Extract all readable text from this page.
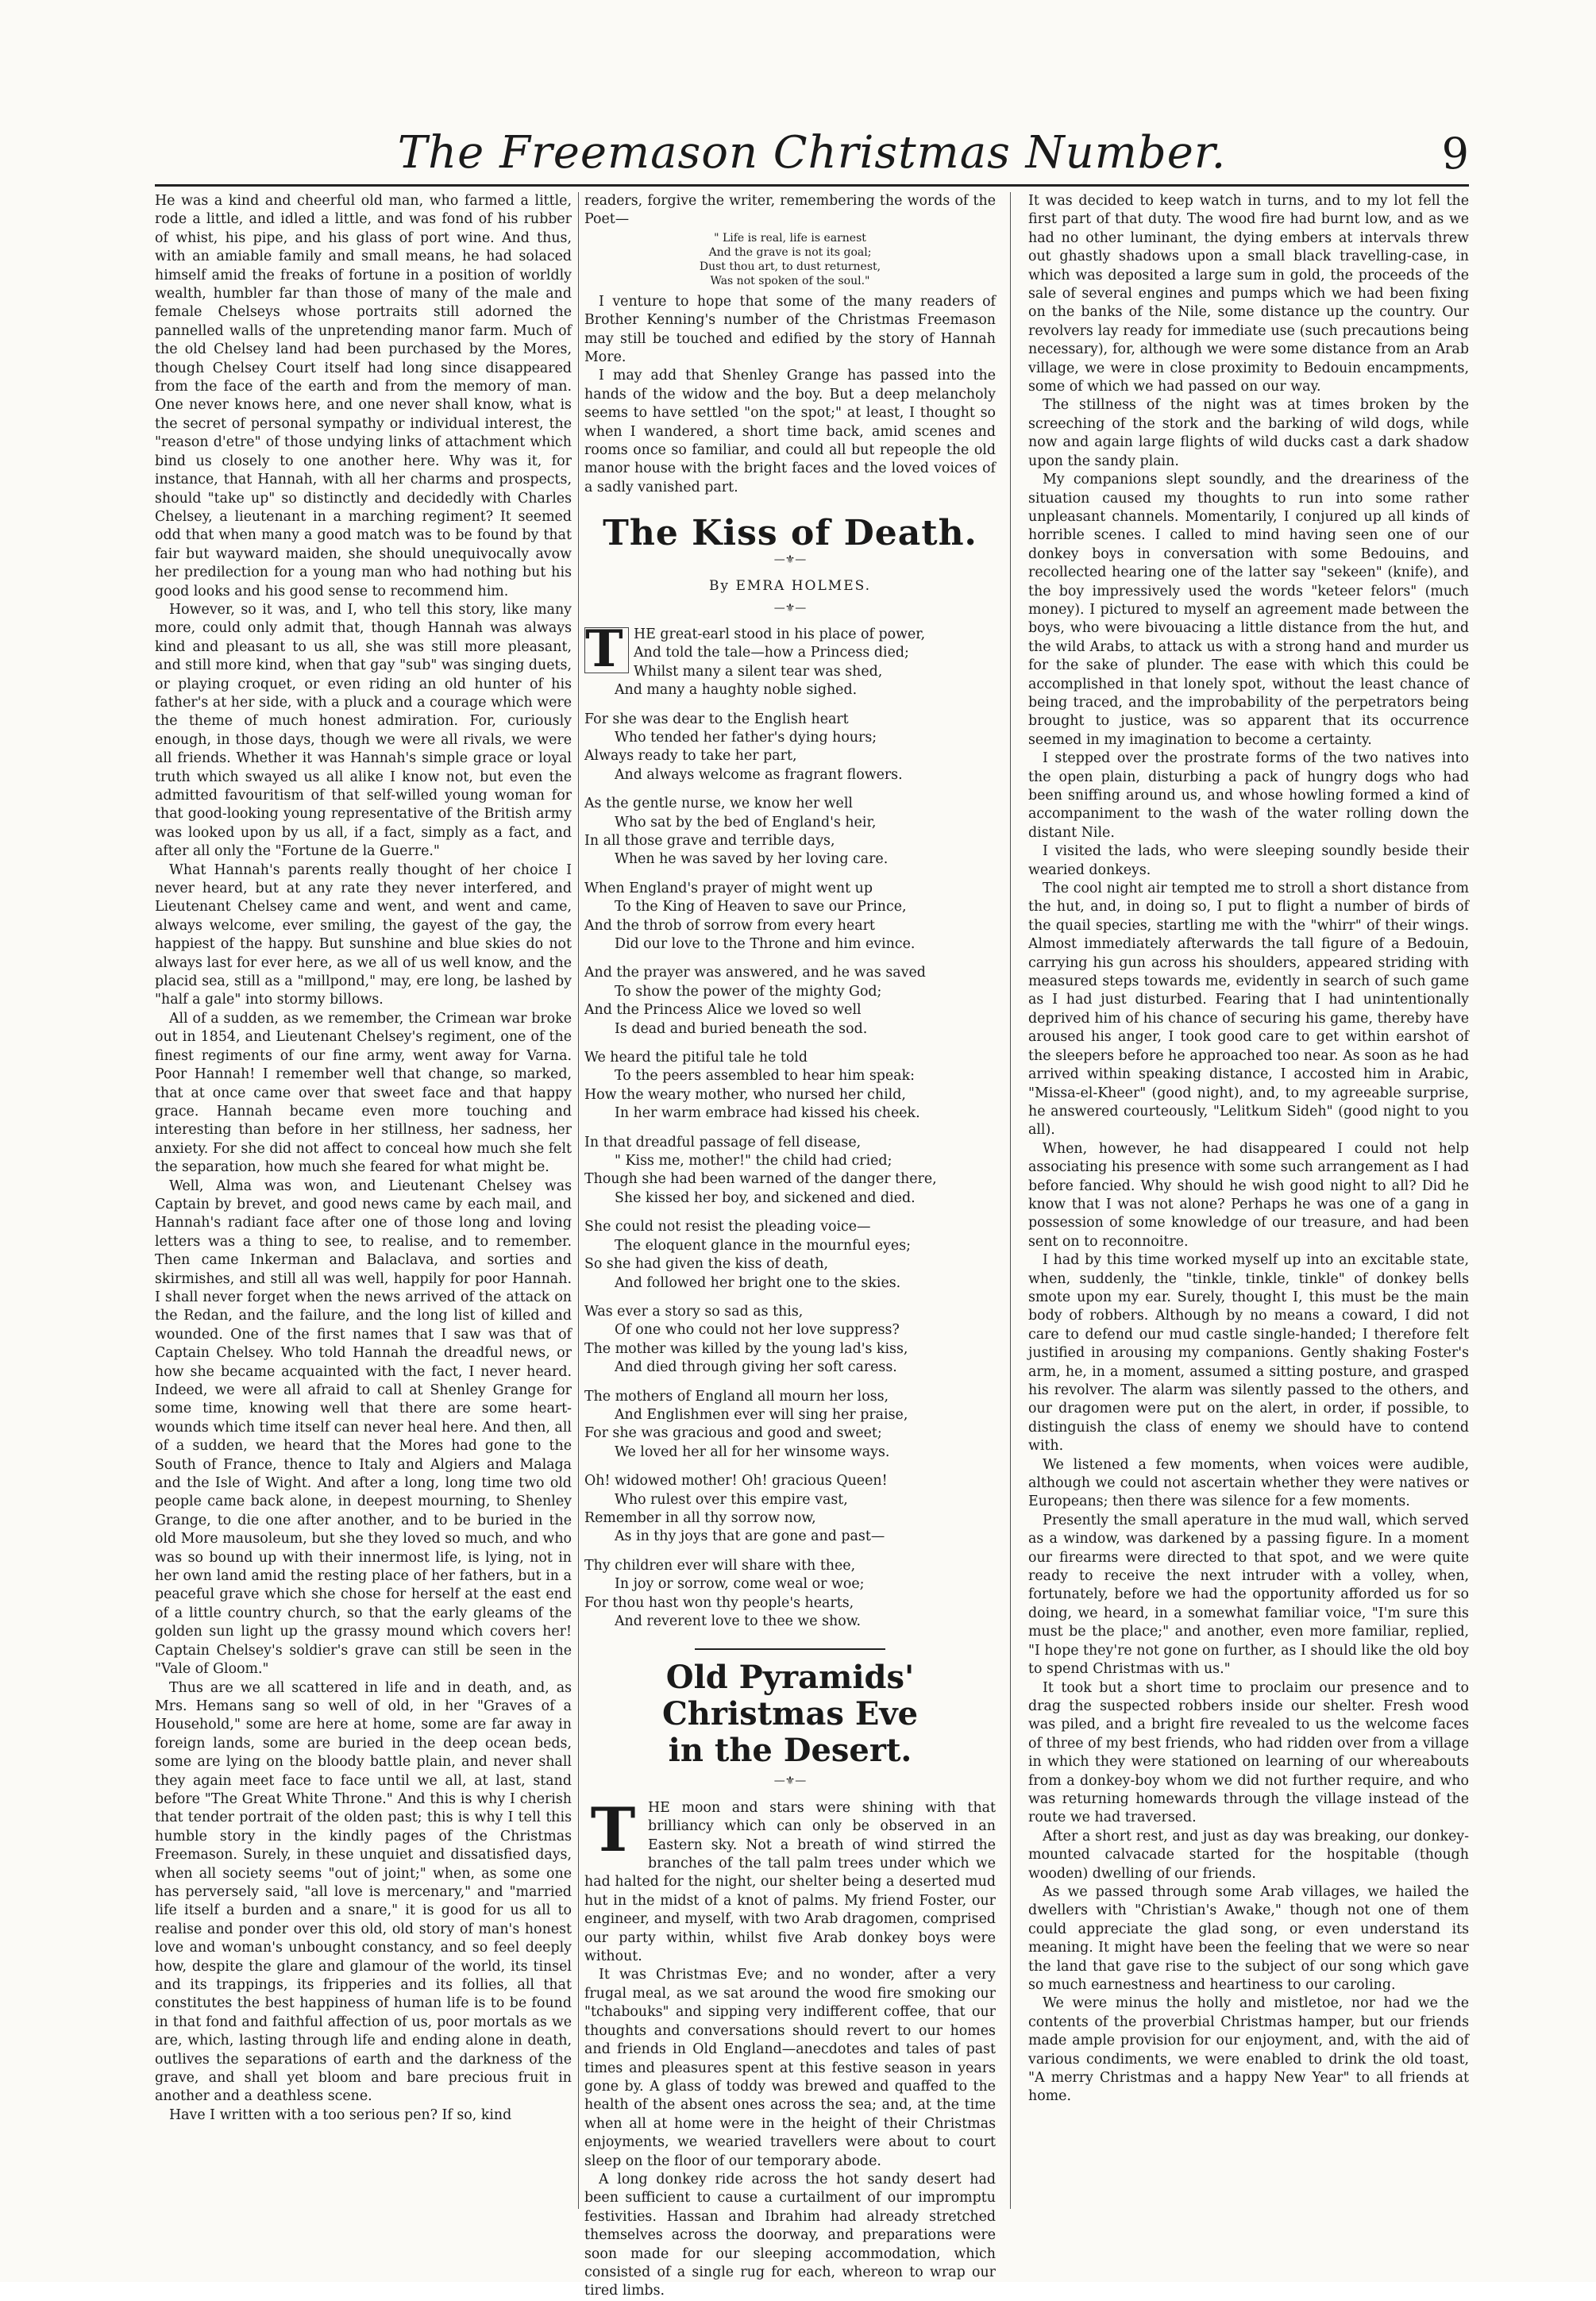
The Freemason Christmas Number.	9

He was a kind and cheerful old man, who farmed a little, rode a little, and idled a little, and was fond of his rubber of whist, his pipe, and his glass of port wine. And thus, with an amiable family and small means, he had solaced himself amid the freaks of fortune in a position of worldly wealth, humbler far than those of many of the male and female Chelseys whose portraits still adorned the pannelled walls of the unpretending manor farm. Much of the old Chelsey land had been purchased by the Mores, though Chelsey Court itself had long since disappeared from the face of the earth and from the memory of man. One never knows here, and one never shall know, what is the secret of personal sympathy or individual interest, the "reason d'etre" of those undying links of attachment which bind us closely to one another here. Why was it, for instance, that Hannah, with all her charms and prospects, should "take up" so distinctly and decidedly with Charles Chelsey, a lieutenant in a marching regiment? It seemed odd that when many a good match was to be found by that fair but wayward maiden, she should unequivocally avow her predilection for a young man who had nothing but his good looks and his good sense to recommend him.

However, so it was, and I, who tell this story, like many more, could only admit that, though Hannah was always kind and pleasant to us all, she was still more pleasant, and still more kind, when that gay "sub" was singing duets, or playing croquet, or even riding an old hunter of his father's at her side, with a pluck and a courage which were the theme of much honest admiration. For, curiously enough, in those days, though we were all rivals, we were all friends. Whether it was Hannah's simple grace or loyal truth which swayed us all alike I know not, but even the admitted favouritism of that self-willed young woman for that good-looking young representative of the British army was looked upon by us all, if a fact, simply as a fact, and after all only the "Fortune de la Guerre."

What Hannah's parents really thought of her choice I never heard, but at any rate they never interfered, and Lieutenant Chelsey came and went, and went and came, always welcome, ever smiling, the gayest of the gay, the happiest of the happy. But sunshine and blue skies do not always last for ever here, as we all of us well know, and the placid sea, still as a "millpond," may, ere long, be lashed by "half a gale" into stormy billows.

All of a sudden, as we remember, the Crimean war broke out in 1854, and Lieutenant Chelsey's regiment, one of the finest regiments of our fine army, went away for Varna. Poor Hannah! I remember well that change, so marked, that at once came over that sweet face and that happy grace. Hannah became even more touching and interesting than before in her stillness, her sadness, her anxiety. For she did not affect to conceal how much she felt the separation, how much she feared for what might be.

Well, Alma was won, and Lieutenant Chelsey was Captain by brevet, and good news came by each mail, and Hannah's radiant face after one of those long and loving letters was a thing to see, to realise, and to remember. Then came Inkerman and Balaclava, and sorties and skirmishes, and still all was well, happily for poor Hannah. I shall never forget when the news arrived of the attack on the Redan, and the failure, and the long list of killed and wounded. One of the first names that I saw was that of Captain Chelsey. Who told Hannah the dreadful news, or how she became acquainted with the fact, I never heard. Indeed, we were all afraid to call at Shenley Grange for some time, knowing well that there are some heart-wounds which time itself can never heal here. And then, all of a sudden, we heard that the Mores had gone to the South of France, thence to Italy and Algiers and Malaga and the Isle of Wight. And after a long, long time two old people came back alone, in deepest mourning, to Shenley Grange, to die one after another, and to be buried in the old More mausoleum, but she they loved so much, and who was so bound up with their innermost life, is lying, not in her own land amid the resting place of her fathers, but in a peaceful grave which she chose for herself at the east end of a little country church, so that the early gleams of the golden sun light up the grassy mound which covers her! Captain Chelsey's soldier's grave can still be seen in the "Vale of Gloom."

Thus are we all scattered in life and in death, and, as Mrs. Hemans sang so well of old, in her "Graves of a Household," some are here at home, some are far away in foreign lands, some are buried in the deep ocean beds, some are lying on the bloody battle plain, and never shall they again meet face to face until we all, at last, stand before "The Great White Throne." And this is why I cherish that tender portrait of the olden past; this is why I tell this humble story in the kindly pages of the Christmas Freemason. Surely, in these unquiet and dissatisfied days, when all society seems "out of joint;" when, as some one has perversely said, "all love is mercenary," and "married life itself a burden and a snare," it is good for us all to realise and ponder over this old, old story of man's honest love and woman's unbought constancy, and so feel deeply how, despite the glare and glamour of the world, its tinsel and its trappings, its fripperies and its follies, all that constitutes the best happiness of human life is to be found in that fond and faithful affection of us, poor mortals as we are, which, lasting through life and ending alone in death, outlives the separations of earth and the darkness of the grave, and shall yet bloom and bare precious fruit in another and a deathless scene.

Have I written with a too serious pen? If so, kind

readers, forgive the writer, remembering the words of the Poet—

" Life is real, life is earnest
And the grave is not its goal;
Dust thou art, to dust returnest,
Was not spoken of the soul."

I venture to hope that some of the many readers of Brother Kenning's number of the Christmas Freemason may still be touched and edified by the story of Hannah More.

I may add that Shenley Grange has passed into the hands of the widow and the boy. But a deep melancholy seems to have settled "on the spot;" at least, I thought so when I wandered, a short time back, amid scenes and rooms once so familiar, and could all but repeople the old manor house with the bright faces and the loved voices of a sadly vanished part.

The Kiss of Death.
—⚜—
By EMRA HOLMES.
—⚜—
T HE great-earl stood in his place of power,
And told the tale—how a Princess died;
Whilst many a silent tear was shed,
And many a haughty noble sighed.
For she was dear to the English heart
Who tended her father's dying hours;
Always ready to take her part,
And always welcome as fragrant flowers.
As the gentle nurse, we know her well
Who sat by the bed of England's heir,
In all those grave and terrible days,
When he was saved by her loving care.
When England's prayer of might went up
To the King of Heaven to save our Prince,
And the throb of sorrow from every heart
Did our love to the Throne and him evince.
And the prayer was answered, and he was saved
To show the power of the mighty God;
And the Princess Alice we loved so well
Is dead and buried beneath the sod.
We heard the pitiful tale he told
To the peers assembled to hear him speak:
How the weary mother, who nursed her child,
In her warm embrace had kissed his cheek.
In that dreadful passage of fell disease,
" Kiss me, mother!" the child had cried;
Though she had been warned of the danger there,
She kissed her boy, and sickened and died.
She could not resist the pleading voice—
The eloquent glance in the mournful eyes;
So she had given the kiss of death,
And followed her bright one to the skies.
Was ever a story so sad as this,
Of one who could not her love suppress?
The mother was killed by the young lad's kiss,
And died through giving her soft caress.
The mothers of England all mourn her loss,
And Englishmen ever will sing her praise,
For she was gracious and good and sweet;
We loved her all for her winsome ways.
Oh! widowed mother! Oh! gracious Queen!
Who rulest over this empire vast,
Remember in all thy sorrow now,
As in thy joys that are gone and past—
Thy children ever will share with thee,
In joy or sorrow, come weal or woe;
For thou hast won thy people's hearts,
And reverent love to thee we show.
Old Pyramids' Christmas Eve
in the Desert.
—⚜—
T HE moon and stars were shining with that brilliancy which can only be observed in an Eastern sky. Not a breath of wind stirred the branches of the tall palm trees under which we had halted for the night, our shelter being a deserted mud hut in the midst of a knot of palms. My friend Foster, our engineer, and myself, with two Arab dragomen, comprised our party within, whilst five Arab donkey boys were without.

It was Christmas Eve; and no wonder, after a very frugal meal, as we sat around the wood fire smoking our "tchabouks" and sipping very indifferent coffee, that our thoughts and conversations should revert to our homes and friends in Old England—anecdotes and tales of past times and pleasures spent at this festive season in years gone by. A glass of toddy was brewed and quaffed to the health of the absent ones across the sea; and, at the time when all at home were in the height of their Christmas enjoyments, we wearied travellers were about to court sleep on the floor of our temporary abode.

A long donkey ride across the hot sandy desert had been sufficient to cause a curtailment of our impromptu festivities. Hassan and Ibrahim had already stretched themselves across the doorway, and preparations were soon made for our sleeping accommodation, which consisted of a single rug for each, whereon to wrap our tired limbs.

It was decided to keep watch in turns, and to my lot fell the first part of that duty. The wood fire had burnt low, and as we had no other luminant, the dying embers at intervals threw out ghastly shadows upon a small black travelling-case, in which was deposited a large sum in gold, the proceeds of the sale of several engines and pumps which we had been fixing on the banks of the Nile, some distance up the country. Our revolvers lay ready for immediate use (such precautions being necessary), for, although we were some distance from an Arab village, we were in close proximity to Bedouin encampments, some of which we had passed on our way.

The stillness of the night was at times broken by the screeching of the stork and the barking of wild dogs, while now and again large flights of wild ducks cast a dark shadow upon the sandy plain.

My companions slept soundly, and the dreariness of the situation caused my thoughts to run into some rather unpleasant channels. Momentarily, I conjured up all kinds of horrible scenes. I called to mind having seen one of our donkey boys in conversation with some Bedouins, and recollected hearing one of the latter say "sekeen" (knife), and the boy impressively used the words "keteer felors" (much money). I pictured to myself an agreement made between the boys, who were bivouacing a little distance from the hut, and the wild Arabs, to attack us with a strong hand and murder us for the sake of plunder. The ease with which this could be accomplished in that lonely spot, without the least chance of being traced, and the improbability of the perpetrators being brought to justice, was so apparent that its occurrence seemed in my imagination to become a certainty.

I stepped over the prostrate forms of the two natives into the open plain, disturbing a pack of hungry dogs who had been sniffing around us, and whose howling formed a kind of accompaniment to the wash of the water rolling down the distant Nile.

I visited the lads, who were sleeping soundly beside their wearied donkeys.

The cool night air tempted me to stroll a short distance from the hut, and, in doing so, I put to flight a number of birds of the quail species, startling me with the "whirr" of their wings. Almost immediately afterwards the tall figure of a Bedouin, carrying his gun across his shoulders, appeared striding with measured steps towards me, evidently in search of such game as I had just disturbed. Fearing that I had unintentionally deprived him of his chance of securing his game, thereby have aroused his anger, I took good care to get within earshot of the sleepers before he approached too near. As soon as he had arrived within speaking distance, I accosted him in Arabic, "Missa-el-Kheer" (good night), and, to my agreeable surprise, he answered courteously, "Lelitkum Sideh" (good night to you all).

When, however, he had disappeared I could not help associating his presence with some such arrangement as I had before fancied. Why should he wish good night to all? Did he know that I was not alone? Perhaps he was one of a gang in possession of some knowledge of our treasure, and had been sent on to reconnoitre.

I had by this time worked myself up into an excitable state, when, suddenly, the "tinkle, tinkle, tinkle" of donkey bells smote upon my ear. Surely, thought I, this must be the main body of robbers. Although by no means a coward, I did not care to defend our mud castle single-handed; I therefore felt justified in arousing my companions. Gently shaking Foster's arm, he, in a moment, assumed a sitting posture, and grasped his revolver. The alarm was silently passed to the others, and our dragomen were put on the alert, in order, if possible, to distinguish the class of enemy we should have to contend with.

We listened a few moments, when voices were audible, although we could not ascertain whether they were natives or Europeans; then there was silence for a few moments.

Presently the small aperature in the mud wall, which served as a window, was darkened by a passing figure. In a moment our firearms were directed to that spot, and we were quite ready to receive the next intruder with a volley, when, fortunately, before we had the opportunity afforded us for so doing, we heard, in a somewhat familiar voice, "I'm sure this must be the place;" and another, even more familiar, replied, "I hope they're not gone on further, as I should like the old boy to spend Christmas with us."

It took but a short time to proclaim our presence and to drag the suspected robbers inside our shelter. Fresh wood was piled, and a bright fire revealed to us the welcome faces of three of my best friends, who had ridden over from a village in which they were stationed on learning of our whereabouts from a donkey-boy whom we did not further require, and who was returning homewards through the village instead of the route we had traversed.

After a short rest, and just as day was breaking, our donkey-mounted calvacade started for the hospitable (though wooden) dwelling of our friends.

As we passed through some Arab villages, we hailed the dwellers with "Christian's Awake," though not one of them could appreciate the glad song, or even understand its meaning. It might have been the feeling that we were so near the land that gave rise to the subject of our song which gave so much earnestness and heartiness to our caroling.

We were minus the holly and mistletoe, nor had we the contents of the proverbial Christmas hamper, but our friends made ample provision for our enjoyment, and, with the aid of various condiments, we were enabled to drink the old toast, "A merry Christmas and a happy New Year" to all friends at home.
